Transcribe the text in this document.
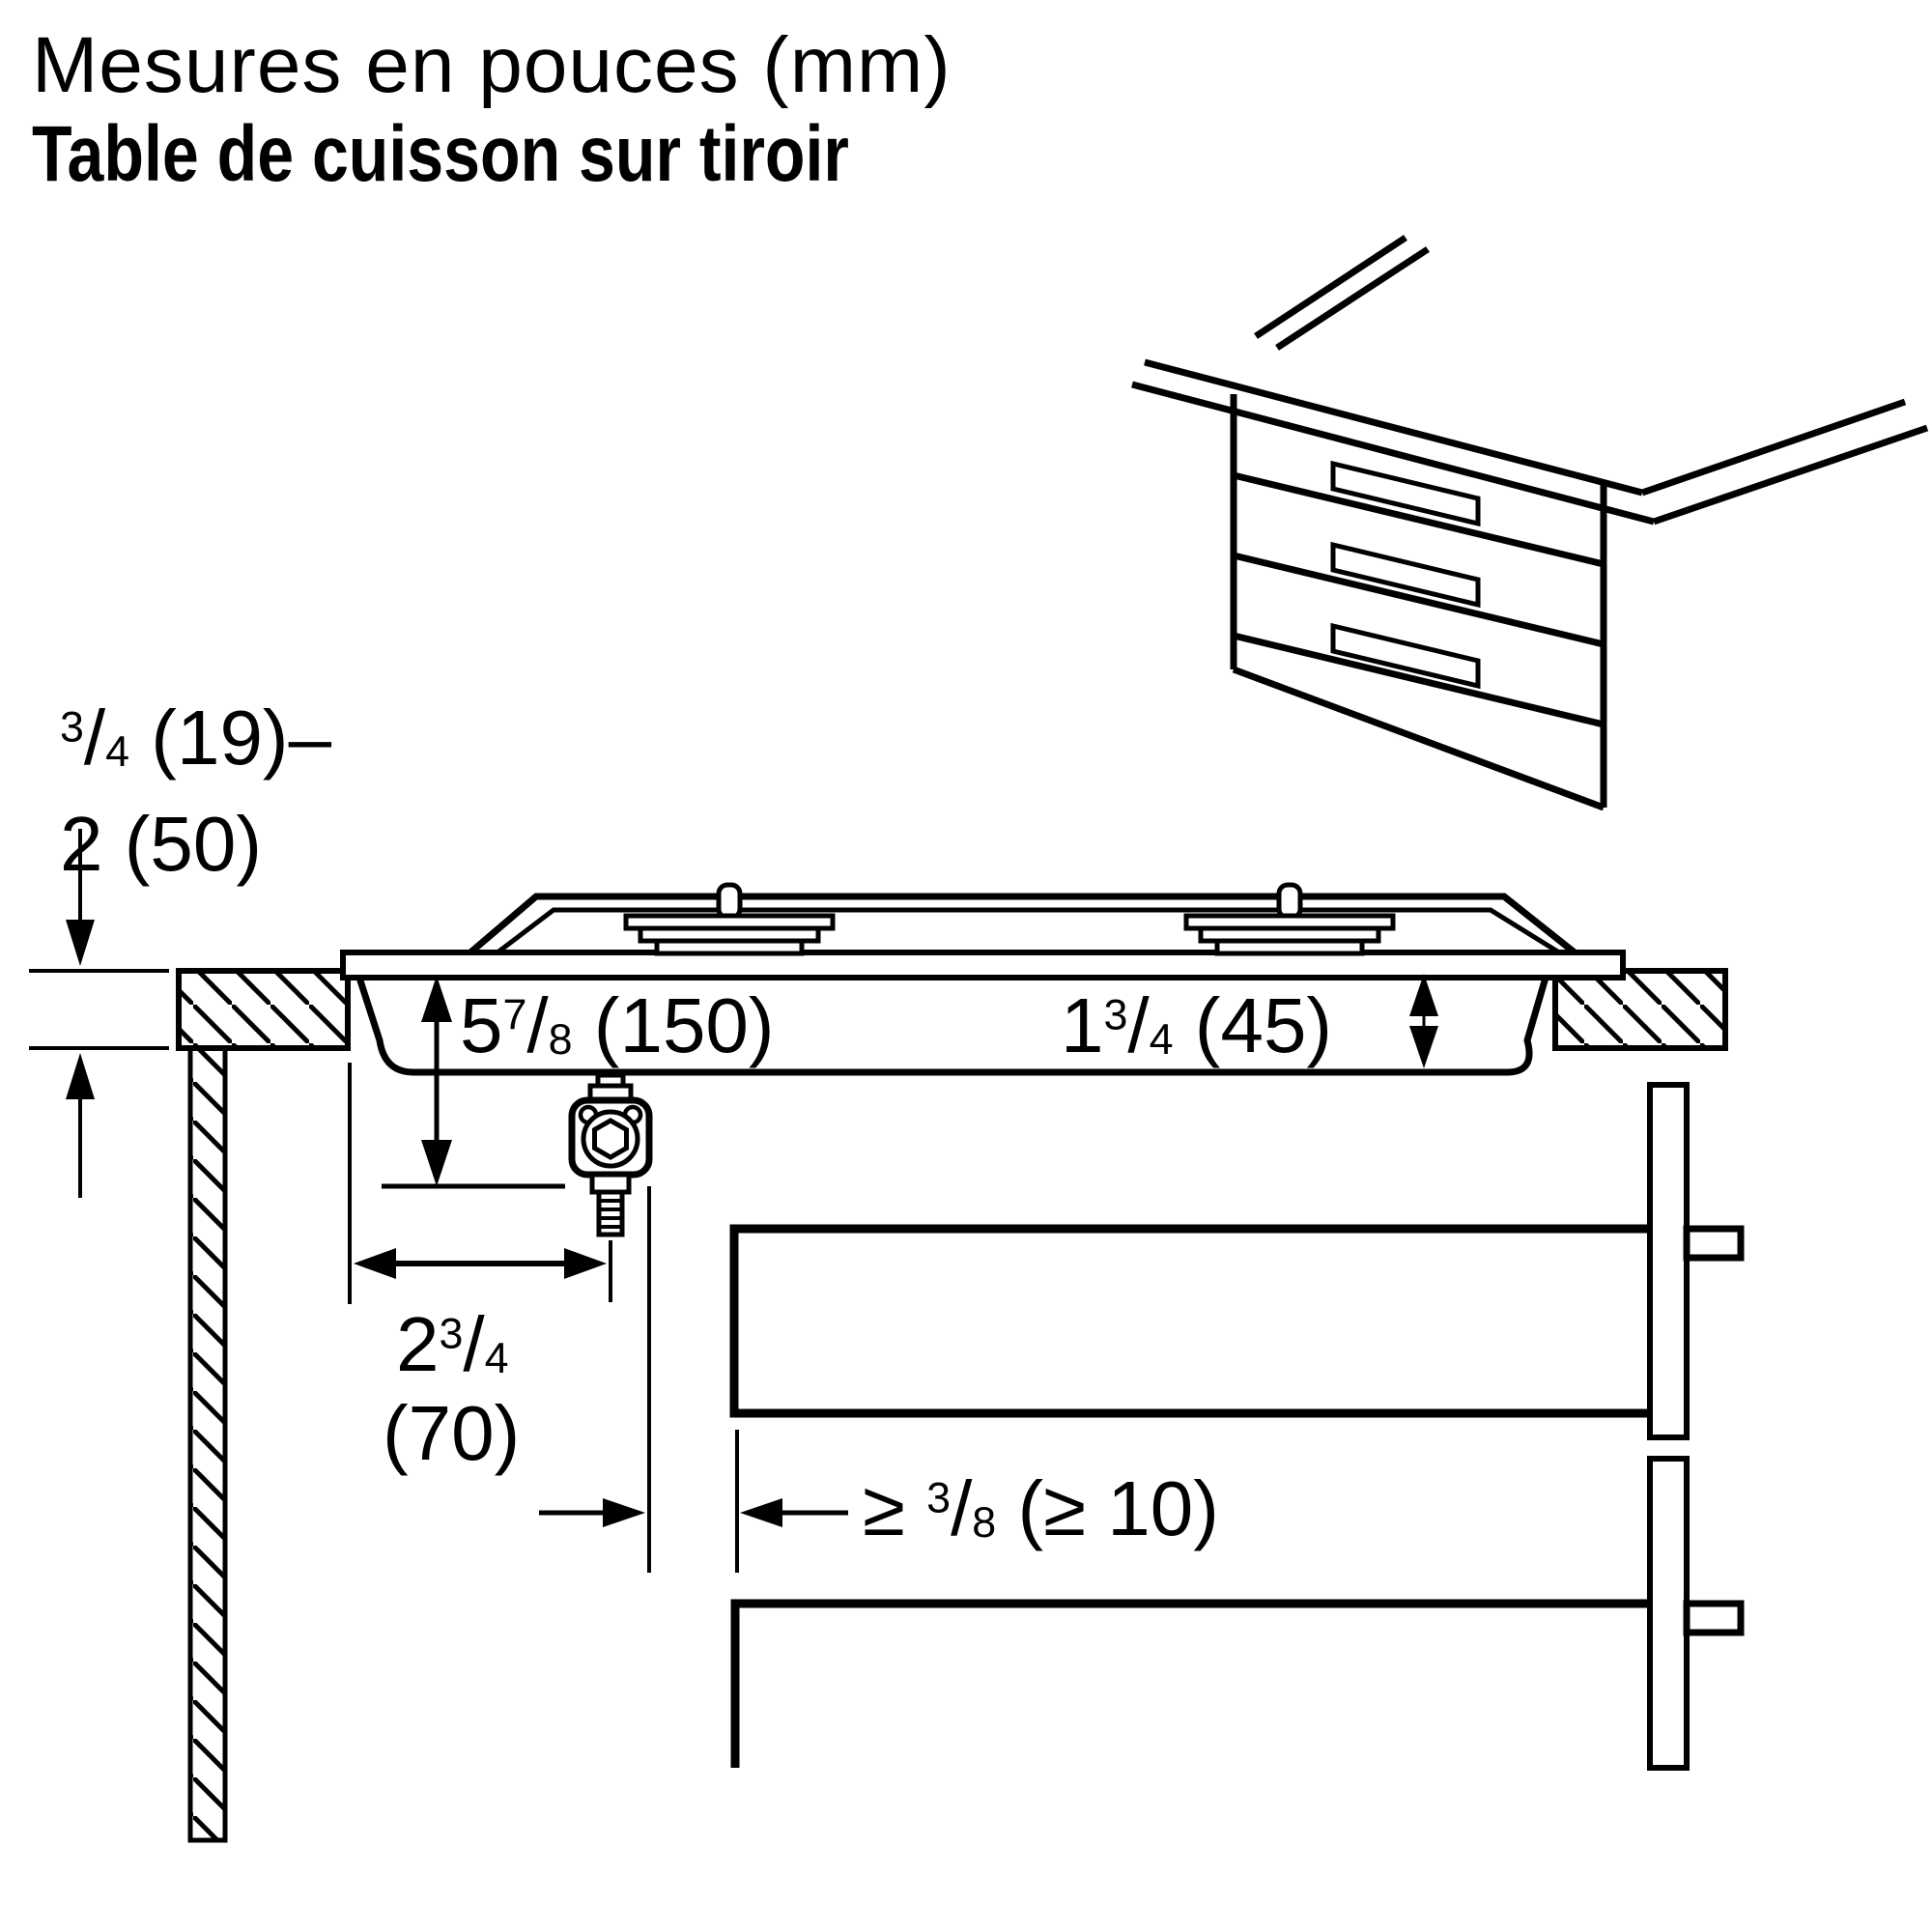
Mesures en pouces (mm)
Table de cuisson sur tiroir
$^3$/4 (19)–
2 (50)
$5^7/8$ (150)	$1^3/4$ (45)
$2^3/4$
(70)
≥ $^3$/8 (≥ 10)
